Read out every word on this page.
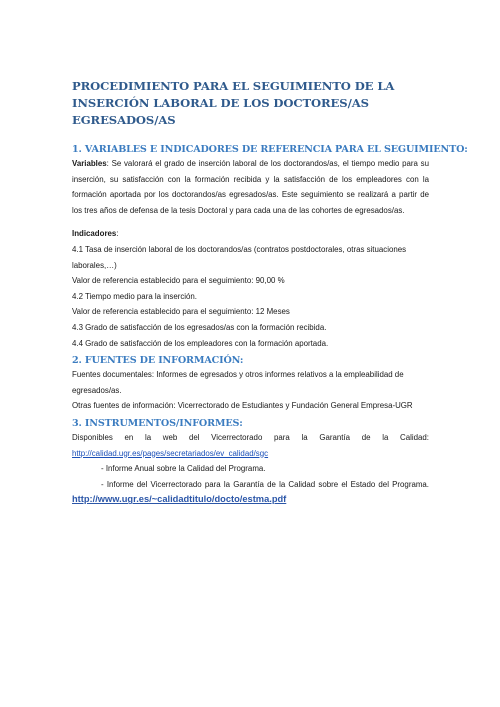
PROCEDIMIENTO PARA EL SEGUIMIENTO DE LA INSERCIÓN LABORAL DE LOS DOCTORES/AS EGRESADOS/AS
1. VARIABLES E INDICADORES DE REFERENCIA PARA EL SEGUIMIENTO:

Variables: Se valorará el grado de inserción laboral de los doctorandos/as, el tiempo medio para su inserción, su satisfacción con la formación recibida y la satisfacción de los empleadores con la formación aportada por los doctorandos/as egresados/as. Este seguimiento se realizará a partir de los tres años de defensa de la tesis Doctoral y para cada una de las cohortes de egresados/as.

Indicadores:

4.1 Tasa de inserción laboral de los doctorandos/as (contratos postdoctorales, otras situaciones laborales,…)

Valor de referencia establecido para el seguimiento: 90,00 %

4.2 Tiempo medio para la inserción.

Valor de referencia establecido para el seguimiento: 12 Meses

4.3 Grado de satisfacción de los egresados/as con la formación recibida.

4.4 Grado de satisfacción de los empleadores con la formación aportada.

2. FUENTES DE INFORMACIÓN:

Fuentes documentales: Informes de egresados y otros informes relativos a la empleabilidad de egresados/as.

Otras fuentes de información: Vicerrectorado de Estudiantes y Fundación General Empresa-UGR

3. INSTRUMENTOS/INFORMES:

Disponibles en la web del Vicerrectorado para la Garantía de la Calidad: http://calidad.ugr.es/pages/secretariados/ev_calidad/sgc

- Informe Anual sobre la Calidad del Programa.

- Informe del Vicerrectorado para la Garantía de la Calidad sobre el Estado del Programa. http://www.ugr.es/~calidadtitulo/docto/estma.pdf
